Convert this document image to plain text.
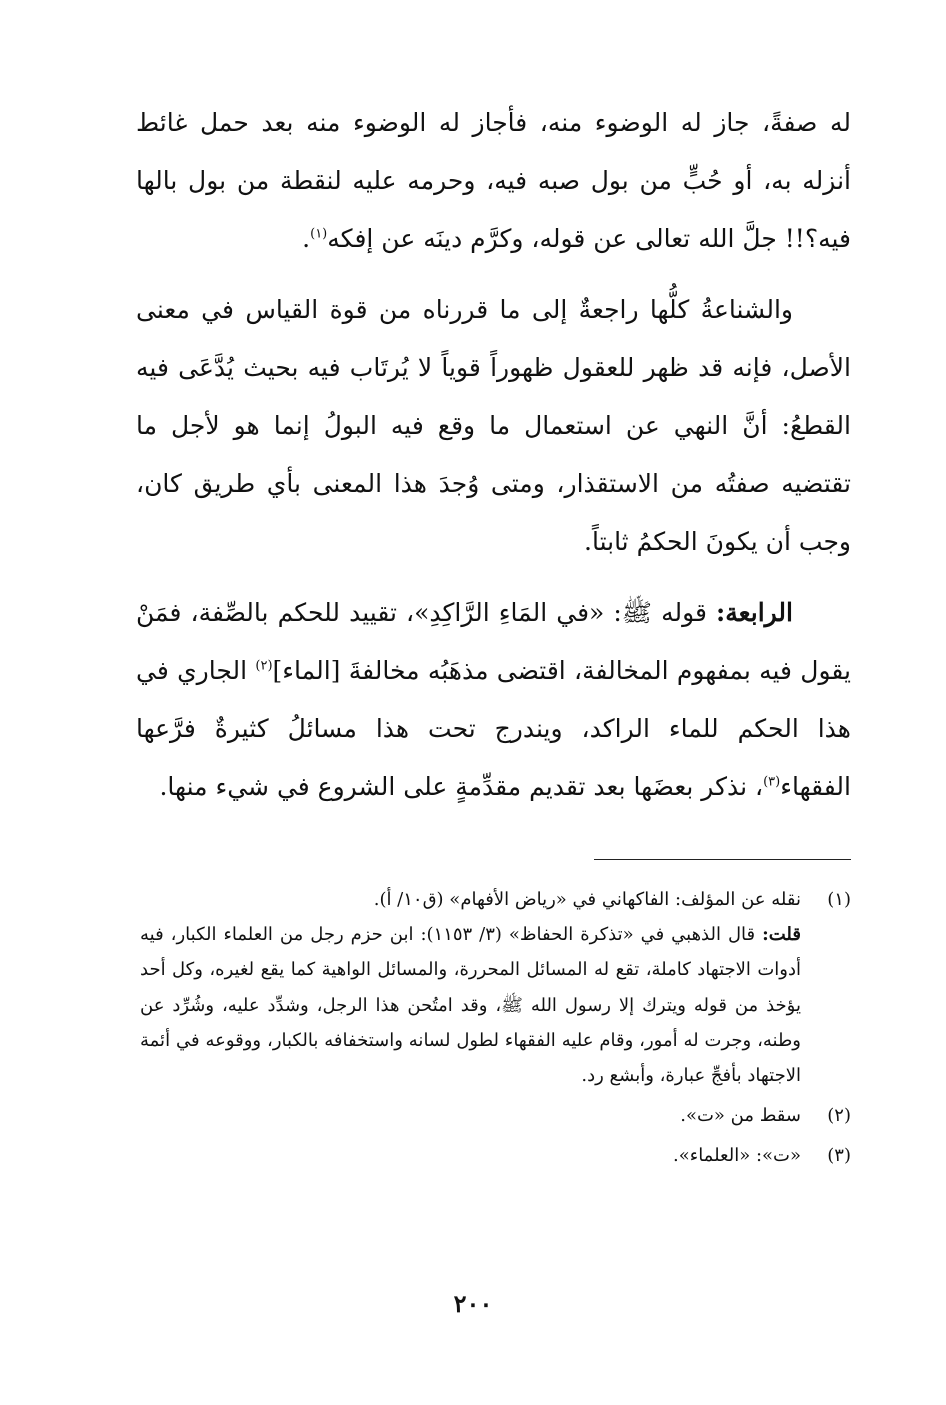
له صفةً، جاز له الوضوء منه، فأجاز له الوضوء منه بعد حمل غائط أنزله به، أو حُبٍّ من بول صبه فيه، وحرمه عليه لنقطة من بول بالها فيه؟!! جلَّ الله تعالى عن قوله، وكرَّم دينَه عن إفكه$^{(١)}$.

والشناعةُ كلُّها راجعةٌ إلى ما قررناه من قوة القياس في معنى الأصل، فإنه قد ظهر للعقول ظهوراً قوياً لا يُرتَاب فيه بحيث يُدَّعَى فيه القطعُ: أنَّ النهي عن استعمال ما وقع فيه البولُ إنما هو لأجل ما تقتضيه صفتُه من الاستقذار، ومتى وُجدَ هذا المعنى بأي طريق كان، وجب أن يكونَ الحكمُ ثابتاً.

الرابعة: قوله ﷺ: «في المَاءِ الرَّاكِدِ»، تقييد للحكم بالصِّفة، فمَنْ يقول فيه بمفهوم المخالفة، اقتضى مذهَبُه مخالفةَ [الماء]$^{(٢)}$ الجاري في هذا الحكم للماء الراكد، ويندرج تحت هذا مسائلُ كثيرةٌ فرَّعها الفقهاء$^{(٣)}$، نذكر بعضَها بعد تقديم مقدِّمةٍ على الشروع في شيء منها.

(١)

نقله عن المؤلف: الفاكهاني في «رياض الأفهام» (ق١٠/ أ).

قلت: قال الذهبي في «تذكرة الحفاظ» (٣/ ١١٥٣): ابن حزم رجل من العلماء الكبار، فيه أدوات الاجتهاد كاملة، تقع له المسائل المحررة، والمسائل الواهية كما يقع لغيره، وكل أحد يؤخذ من قوله ويترك إلا رسول الله ﷺ، وقد امتُحن هذا الرجل، وشدِّد عليه، وشُرِّد عن وطنه، وجرت له أمور، وقام عليه الفقهاء لطول لسانه واستخفافه بالكبار، ووقوعه في أئمة الاجتهاد بأفجِّ عبارة، وأبشع رد.

(٢)

سقط من «ت».

(٣)

«ت»: «العلماء».

٢٠٠
